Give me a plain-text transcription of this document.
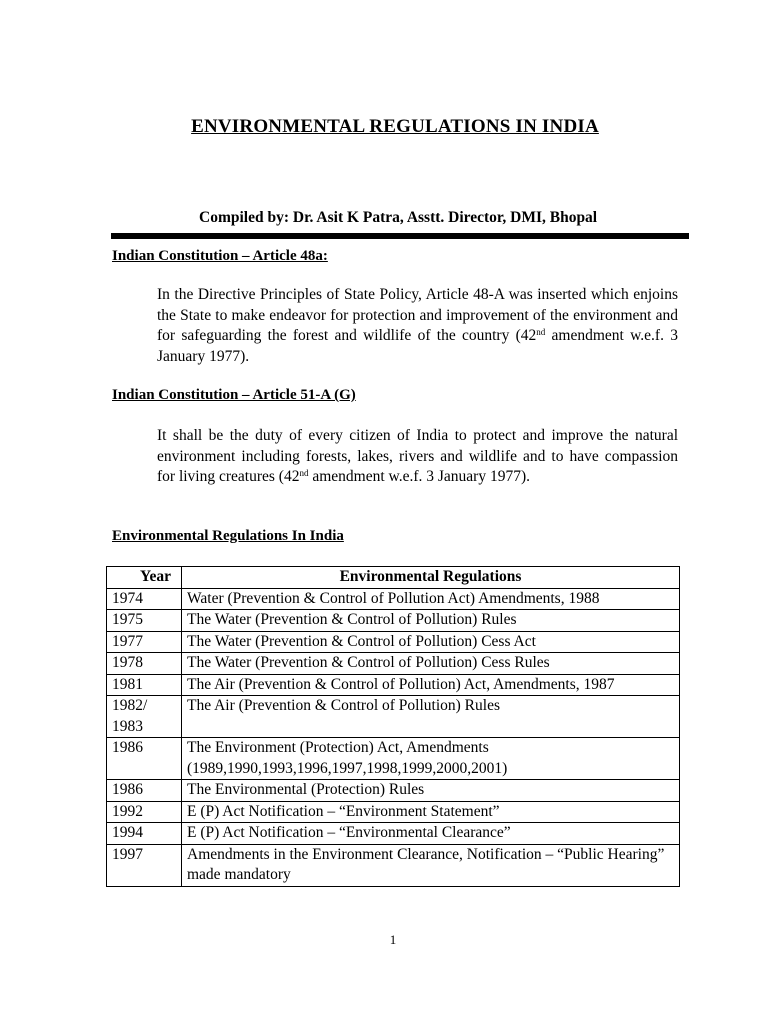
ENVIRONMENTAL REGULATIONS IN INDIA
Compiled by: Dr. Asit K Patra, Asstt. Director, DMI, Bhopal
Indian Constitution – Article 48a:
In the Directive Principles of State Policy, Article 48-A was inserted which enjoins the State to make endeavor for protection and improvement of the environment and for safeguarding the forest and wildlife of the country (42nd amendment w.e.f. 3 January 1977).
Indian Constitution – Article 51-A (G)
It shall be the duty of every citizen of India to protect and improve the natural environment including forests, lakes, rivers and wildlife and to have compassion for living creatures (42nd amendment w.e.f. 3 January 1977).
Environmental Regulations In India
Year	Environmental Regulations
1974	Water (Prevention & Control of Pollution Act) Amendments, 1988
1975	The Water (Prevention & Control of Pollution) Rules
1977	The Water (Prevention & Control of Pollution) Cess Act
1978	The Water (Prevention & Control of Pollution) Cess Rules
1981	The Air (Prevention & Control of Pollution) Act, Amendments, 1987
1982/ 1983	The Air (Prevention & Control of Pollution) Rules
1986	The Environment (Protection) Act, Amendments (1989,1990,1993,1996,1997,1998,1999,2000,2001)
1986	The Environmental (Protection) Rules
1992	E (P) Act Notification – “Environment Statement”
1994	E (P) Act Notification – “Environmental Clearance”
1997	Amendments in the Environment Clearance, Notification – “Public Hearing” made mandatory
1
